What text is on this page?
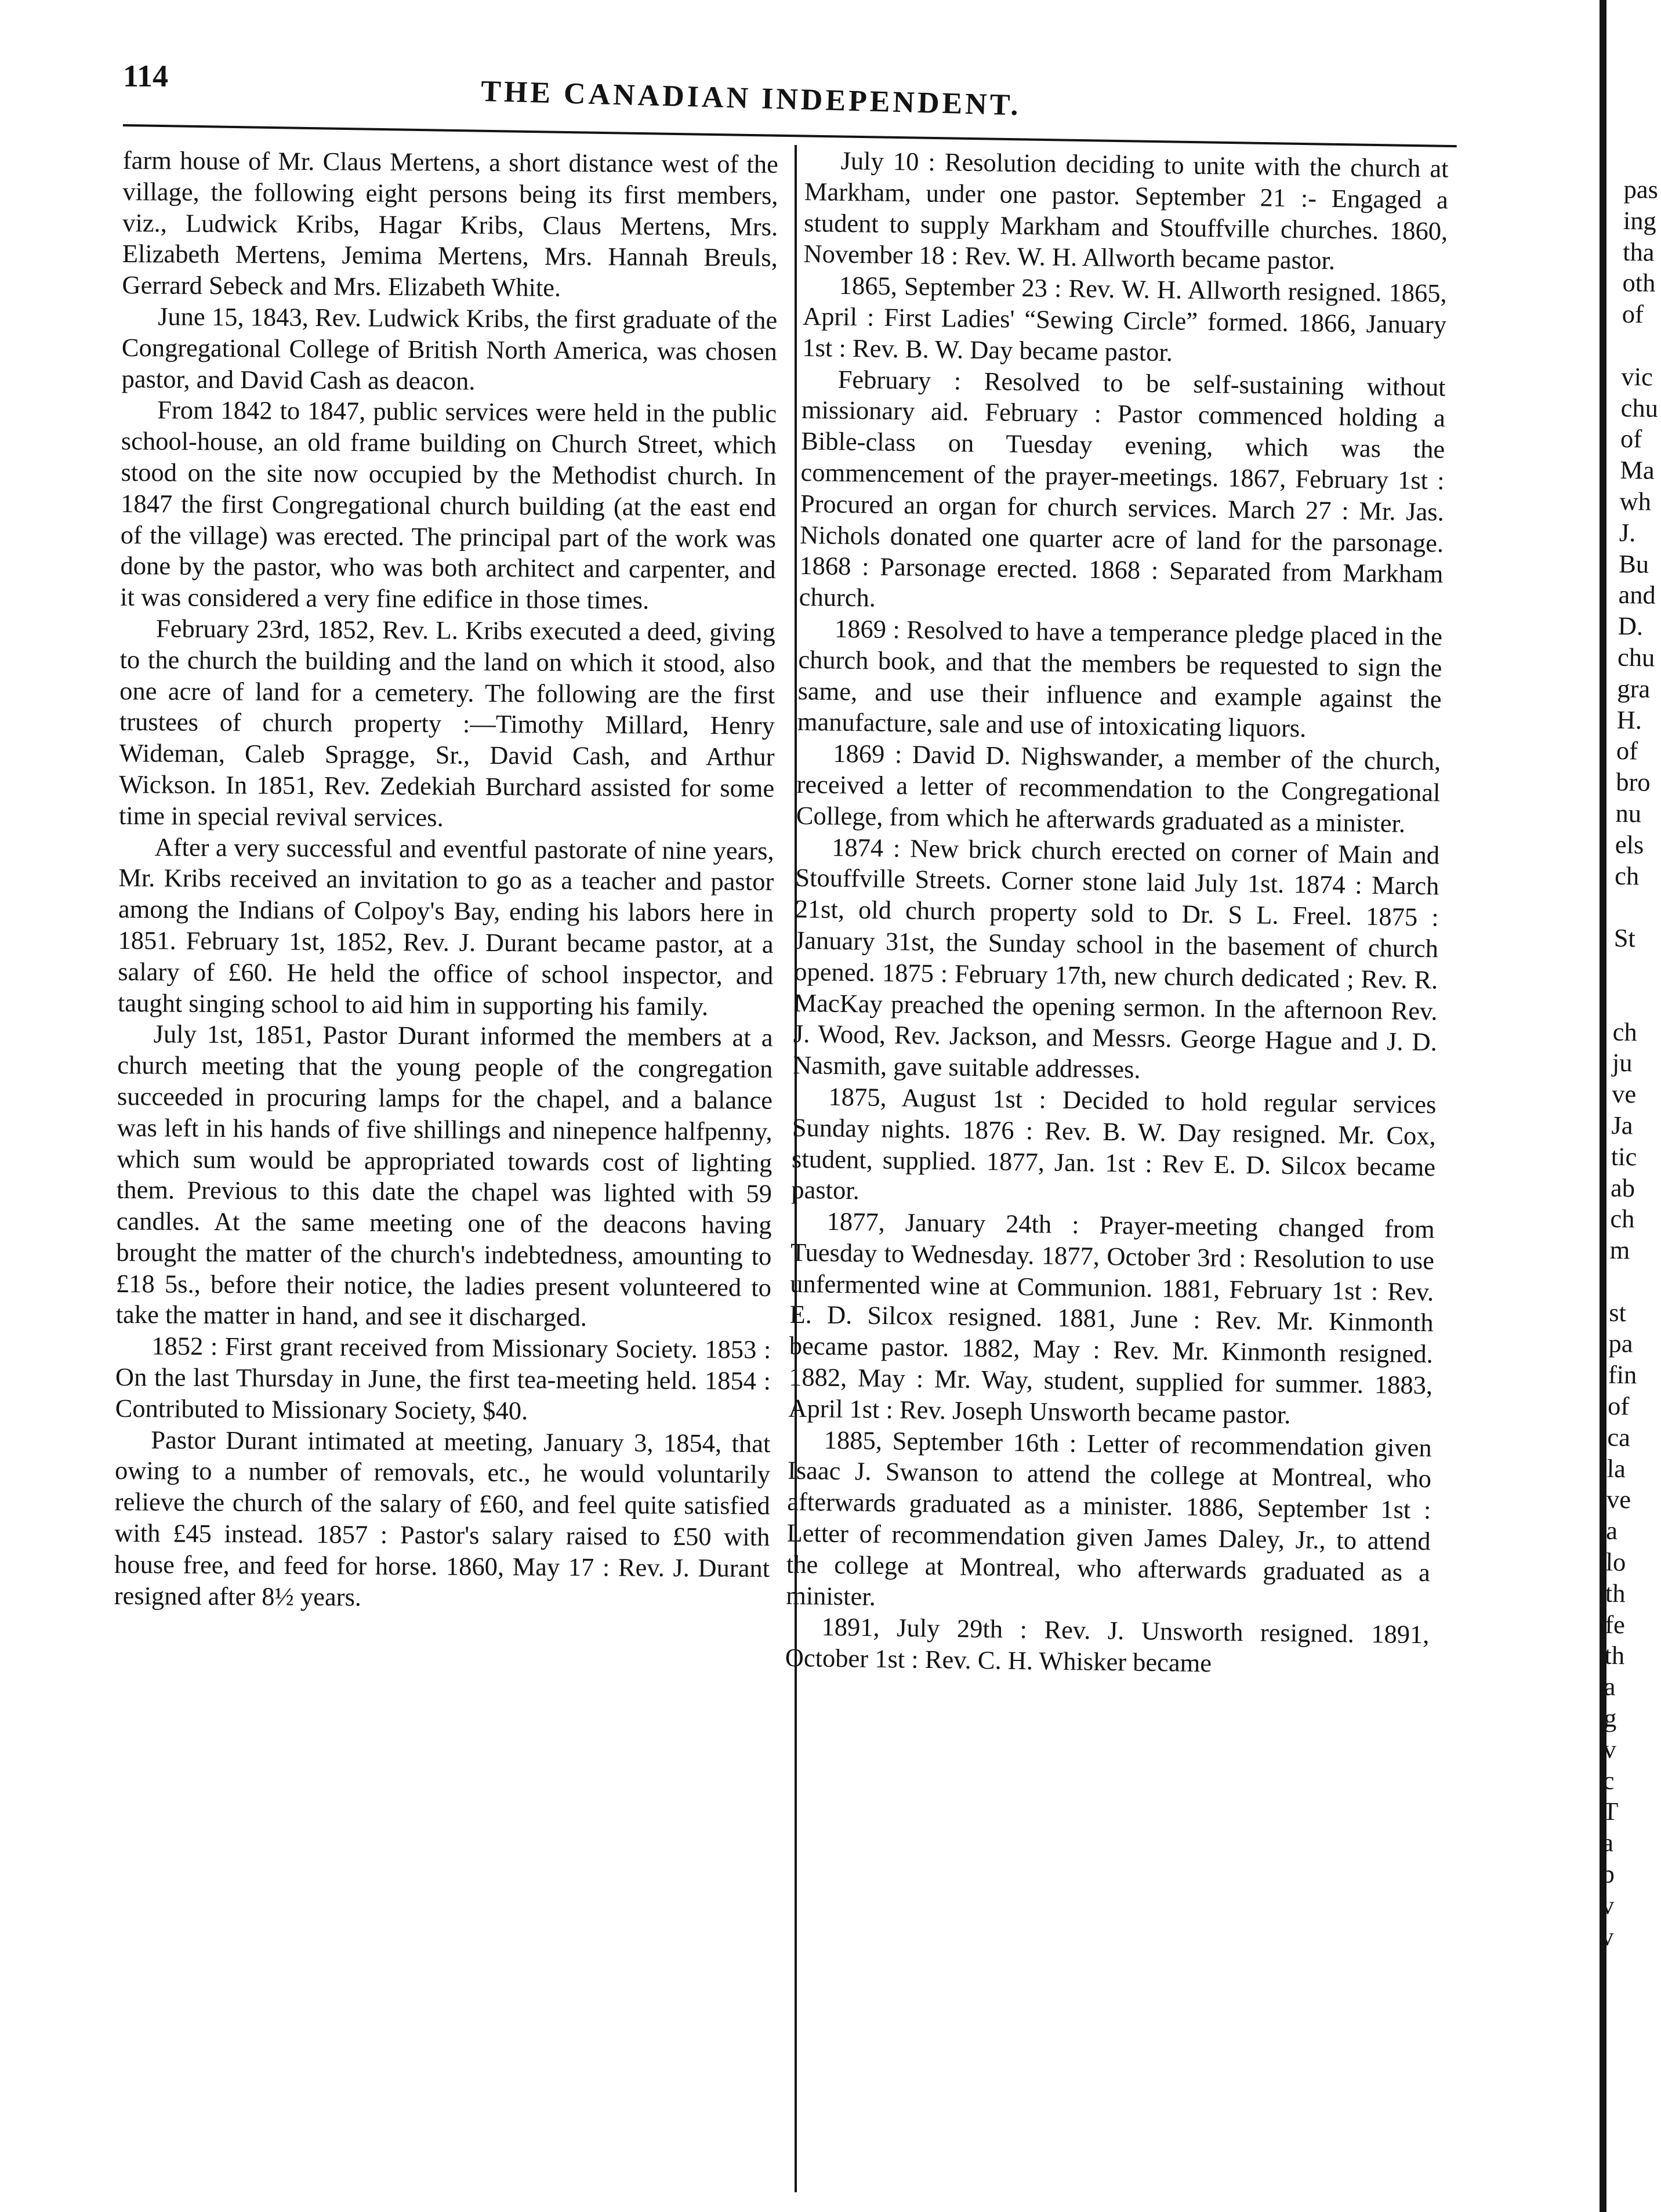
114	THE CANADIAN INDEPENDENT.

farm house of Mr. Claus Mertens, a short distance west of the village, the following eight persons being its first members, viz., Ludwick Kribs, Hagar Kribs, Claus Mertens, Mrs. Elizabeth Mertens, Jemima Mertens, Mrs. Hannah Breuls, Gerrard Sebeck and Mrs. Elizabeth White.

June 15, 1843, Rev. Ludwick Kribs, the first graduate of the Congregational College of British North America, was chosen pastor, and David Cash as deacon.

From 1842 to 1847, public services were held in the public school-house, an old frame building on Church Street, which stood on the site now occupied by the Methodist church. In 1847 the first Congregational church building (at the east end of the village) was erected. The principal part of the work was done by the pastor, who was both architect and carpenter, and it was considered a very fine edifice in those times.

February 23rd, 1852, Rev. L. Kribs executed a deed, giving to the church the building and the land on which it stood, also one acre of land for a cemetery. The following are the first trustees of church property :—Timothy Millard, Henry Wideman, Caleb Spragge, Sr., David Cash, and Arthur Wickson. In 1851, Rev. Zedekiah Burchard assisted for some time in special revival services.

After a very successful and eventful pastorate of nine years, Mr. Kribs received an invitation to go as a teacher and pastor among the Indians of Colpoy's Bay, ending his labors here in 1851. February 1st, 1852, Rev. J. Durant became pastor, at a salary of £60. He held the office of school inspector, and taught singing school to aid him in supporting his family.

July 1st, 1851, Pastor Durant informed the members at a church meeting that the young people of the congregation succeeded in procuring lamps for the chapel, and a balance was left in his hands of five shillings and ninepence halfpenny, which sum would be appropriated towards cost of lighting them. Previous to this date the chapel was lighted with 59 candles. At the same meeting one of the deacons having brought the matter of the church's indebtedness, amounting to £18 5s., before their notice, the ladies present volunteered to take the matter in hand, and see it discharged.

1852 : First grant received from Missionary Society. 1853 : On the last Thursday in June, the first tea-meeting held. 1854 : Contributed to Missionary Society, $40.

Pastor Durant intimated at meeting, January 3, 1854, that owing to a number of removals, etc., he would voluntarily relieve the church of the salary of £60, and feel quite satisfied with £45 instead. 1857 : Pastor's salary raised to £50 with house free, and feed for horse. 1860, May 17 : Rev. J. Durant resigned after 8½ years.

July 10 : Resolution deciding to unite with the church at Markham, under one pastor. September 21 :- Engaged a student to supply Markham and Stouffville churches. 1860, November 18 : Rev. W. H. Allworth became pastor.

1865, September 23 : Rev. W. H. Allworth resigned. 1865, April : First Ladies' “Sewing Circle” formed. 1866, January 1st : Rev. B. W. Day became pastor.

February : Resolved to be self-sustaining without missionary aid. February : Pastor commenced holding a Bible-class on Tuesday evening, which was the commencement of the prayer-meetings. 1867, February 1st : Procured an organ for church services. March 27 : Mr. Jas. Nichols donated one quarter acre of land for the parsonage. 1868 : Parsonage erected. 1868 : Separated from Markham church.

1869 : Resolved to have a temperance pledge placed in the church book, and that the members be requested to sign the same, and use their influence and example against the manufacture, sale and use of intoxicating liquors.

1869 : David D. Nighswander, a member of the church, received a letter of recommendation to the Congregational College, from which he afterwards graduated as a minister.

1874 : New brick church erected on corner of Main and Stouffville Streets. Corner stone laid July 1st. 1874 : March 21st, old church property sold to Dr. S L. Freel. 1875 : January 31st, the Sunday school in the basement of church opened. 1875 : February 17th, new church dedicated ; Rev. R. MacKay preached the opening sermon. In the afternoon Rev. J. Wood, Rev. Jackson, and Messrs. George Hague and J. D. Nasmith, gave suitable addresses.

1875, August 1st : Decided to hold regular services Sunday nights. 1876 : Rev. B. W. Day resigned. Mr. Cox, student, supplied. 1877, Jan. 1st : Rev E. D. Silcox became pastor.

1877, January 24th : Prayer-meeting changed from Tuesday to Wednesday. 1877, October 3rd : Resolution to use unfermented wine at Communion. 1881, February 1st : Rev. E. D. Silcox resigned. 1881, June : Rev. Mr. Kinmonth became pastor. 1882, May : Rev. Mr. Kinmonth resigned. 1882, May : Mr. Way, student, supplied for summer. 1883, April 1st : Rev. Joseph Unsworth became pastor.

1885, September 16th : Letter of recommendation given Isaac J. Swanson to attend the college at Montreal, who afterwards graduated as a minister. 1886, September 1st : Letter of recommendation given James Daley, Jr., to attend the college at Montreal, who afterwards graduated as a minister.

1891, July 29th : Rev. J. Unsworth resigned. 1891, October 1st : Rev. C. H. Whisker became

pas
ing
tha
oth
of
vic
chu
of
Ma
wh
J.
Bu
and
D.
chu
gra
H.
of
bro
nu
els
ch
St
ch
ju
ve
Ja
tic
ab
ch
m
st
pa
fin
of
ca
la
ve
a
lo
th
fe
th
a
g
v
c
T
a
b
v
v
